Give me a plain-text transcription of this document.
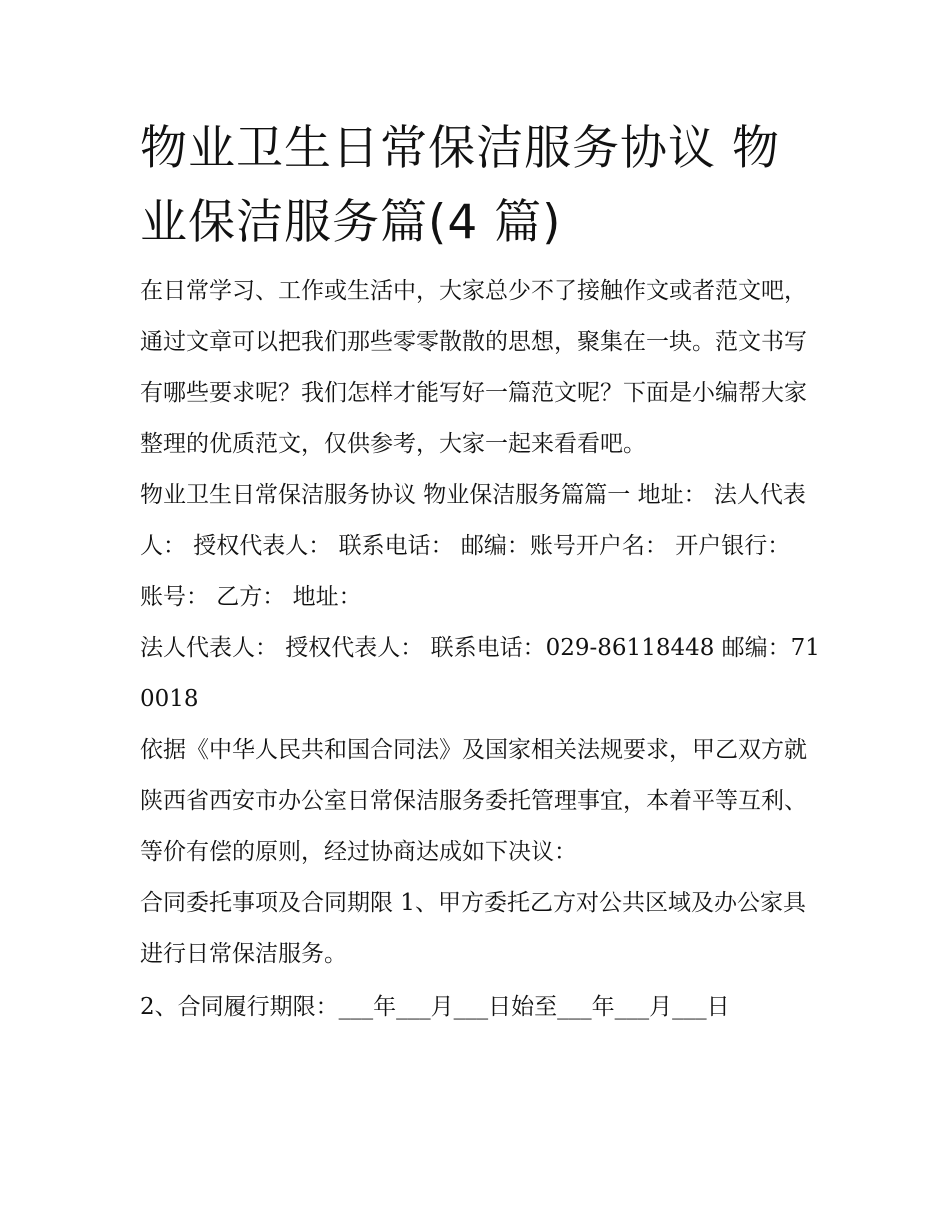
物业卫生日常保洁服务协议 物业保洁服务篇(4 篇)

在日常学习、工作或生活中，大家总少不了接触作文或者范文吧，通过文章可以把我们那些零零散散的思想，聚集在一块。范文书写有哪些要求呢？我们怎样才能写好一篇范文呢？下面是小编帮大家整理的优质范文，仅供参考，大家一起来看看吧。

物业卫生日常保洁服务协议 物业保洁服务篇篇一 地址： 法人代表人： 授权代表人： 联系电话： 邮编：账号开户名： 开户银行： 账号： 乙方： 地址：

法人代表人： 授权代表人： 联系电话：029-86118448 邮编：710018

依据《中华人民共和国合同法》及国家相关法规要求，甲乙双方就陕西省西安市办公室日常保洁服务委托管理事宜，本着平等互利、等价有偿的原则，经过协商达成如下决议：

合同委托事项及合同期限 1、甲方委托乙方对公共区域及办公家具进行日常保洁服务。

2、合同履行期限：___年___月___日始至___年___月___日
